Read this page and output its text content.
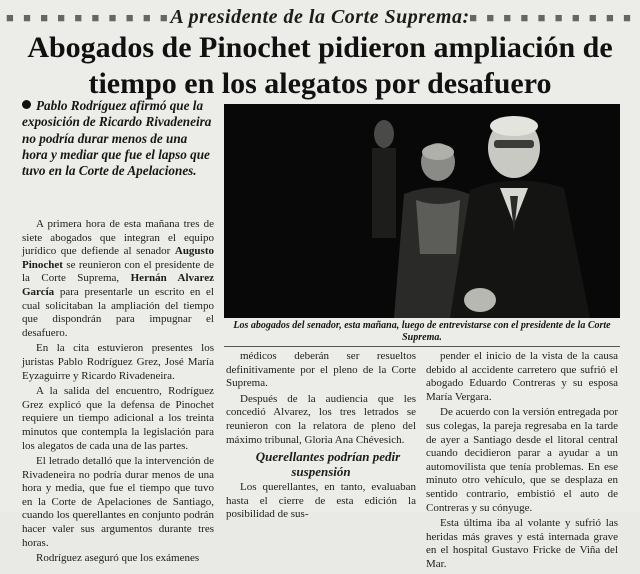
■ ■ ■ ■ ■ ■ ■ ■ ■ ■	■ ■ ■ ■ ■ ■ ■ ■ ■ ■
A presidente de la Corte Suprema:
Abogados de Pinochet pidieron ampliación de tiempo en los alegatos por desafuero
Pablo Rodríguez afirmó que la exposición de Ricardo Rivadeneira no podría durar menos de una hora y mediar que fue el lapso que tuvo en la Corte de Apelaciones.
Los abogados del senador, esta mañana, luego de entrevistarse con el presidente de la Corte Suprema.

A primera hora de esta mañana tres de siete abogados que integran el equipo jurídico que defiende al senador Augusto Pinochet se reunieron con el presidente de la Corte Suprema, Hernán Alvarez García para presentarle un escrito en el cual solicitaban la ampliación del tiempo que dispondrán para impugnar el desafuero.

En la cita estuvieron presentes los juristas Pablo Rodríguez Grez, José María Eyzaguirre y Ricardo Rivadeneira.

A la salida del encuentro, Rodríguez Grez explicó que la defensa de Pinochet requiere un tiempo adicional a los treinta minutos que contempla la legislación para los alegatos de cada una de las partes.

El letrado detalló que la intervención de Rivadeneira no podría durar menos de una hora y media, que fue el tiempo que tuvo en la Corte de Apelaciones de Santiago, cuando los querellantes en conjunto podrán hacer valer sus argumentos durante tres horas.

Rodríguez aseguró que los exámenes

médicos deberán ser resueltos definitivamente por el pleno de la Corte Suprema.

Después de la audiencia que les concedió Alvarez, los tres letrados se reunieron con la relatora de pleno del máximo tribunal, Gloria Ana Chévesich.

Querellantes podrían pedir suspensión

Los querellantes, en tanto, evaluaban hasta el cierre de esta edición la posibilidad de sus-

pender el inicio de la vista de la causa debido al accidente carretero que sufrió el abogado Eduardo Contreras y su esposa María Vergara.

De acuerdo con la versión entregada por sus colegas, la pareja regresaba en la tarde de ayer a Santiago desde el litoral central cuando decidieron parar a ayudar a un automovilista que tenía problemas. En ese minuto otro vehículo, que se desplaza en sentido contrario, embistió el auto de Contreras y su cónyuge.

Esta última iba al volante y sufrió las heridas más graves y está internada grave en el hospital Gustavo Fricke de Viña del Mar.
